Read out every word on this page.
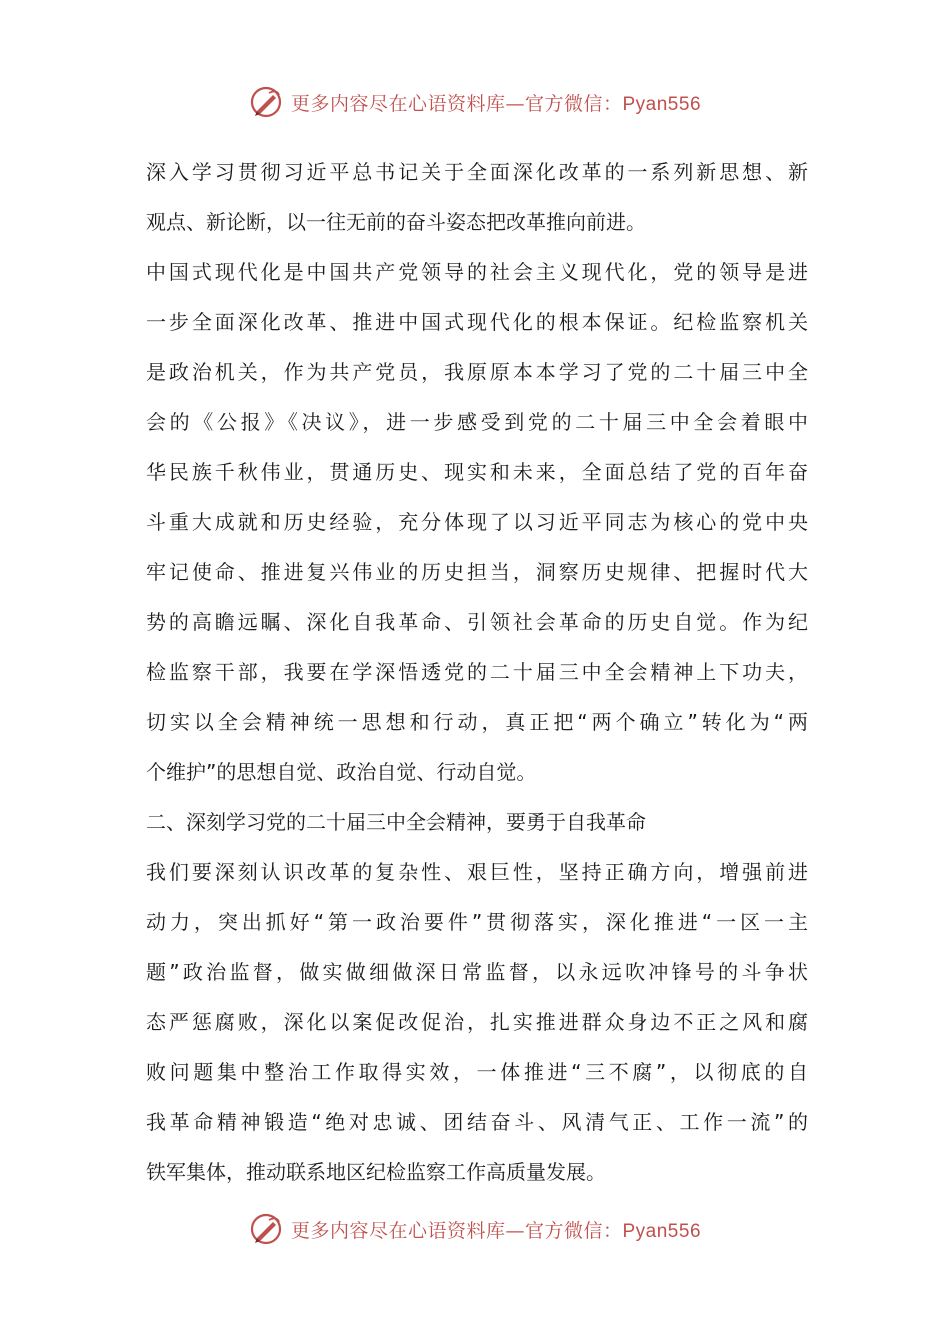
更多内容尽在心语资料库—官方微信：Pyan556
深入学习贯彻习近平总书记关于全面深化改革的一系列新思想、新
观点、新论断，以一往无前的奋斗姿态把改革推向前进。
中国式现代化是中国共产党领导的社会主义现代化，党的领导是进
一步全面深化改革、推进中国式现代化的根本保证。纪检监察机关
是政治机关，作为共产党员，我原原本本学习了党的二十届三中全
会的《公报》《决议》，进一步感受到党的二十届三中全会着眼中
华民族千秋伟业，贯通历史、现实和未来，全面总结了党的百年奋
斗重大成就和历史经验，充分体现了以习近平同志为核心的党中央
牢记使命、推进复兴伟业的历史担当，洞察历史规律、把握时代大
势的高瞻远瞩、深化自我革命、引领社会革命的历史自觉。作为纪
检监察干部，我要在学深悟透党的二十届三中全会精神上下功夫，
切实以全会精神统一思想和行动，真正把“两个确立”转化为“两
个维护”的思想自觉、政治自觉、行动自觉。
二、深刻学习党的二十届三中全会精神，要勇于自我革命
我们要深刻认识改革的复杂性、艰巨性，坚持正确方向，增强前进
动力，突出抓好“第一政治要件”贯彻落实，深化推进“一区一主
题”政治监督，做实做细做深日常监督，以永远吹冲锋号的斗争状
态严惩腐败，深化以案促改促治，扎实推进群众身边不正之风和腐
败问题集中整治工作取得实效，一体推进“三不腐”，以彻底的自
我革命精神锻造“绝对忠诚、团结奋斗、风清气正、工作一流”的
铁军集体，推动联系地区纪检监察工作高质量发展。
更多内容尽在心语资料库—官方微信：Pyan556
